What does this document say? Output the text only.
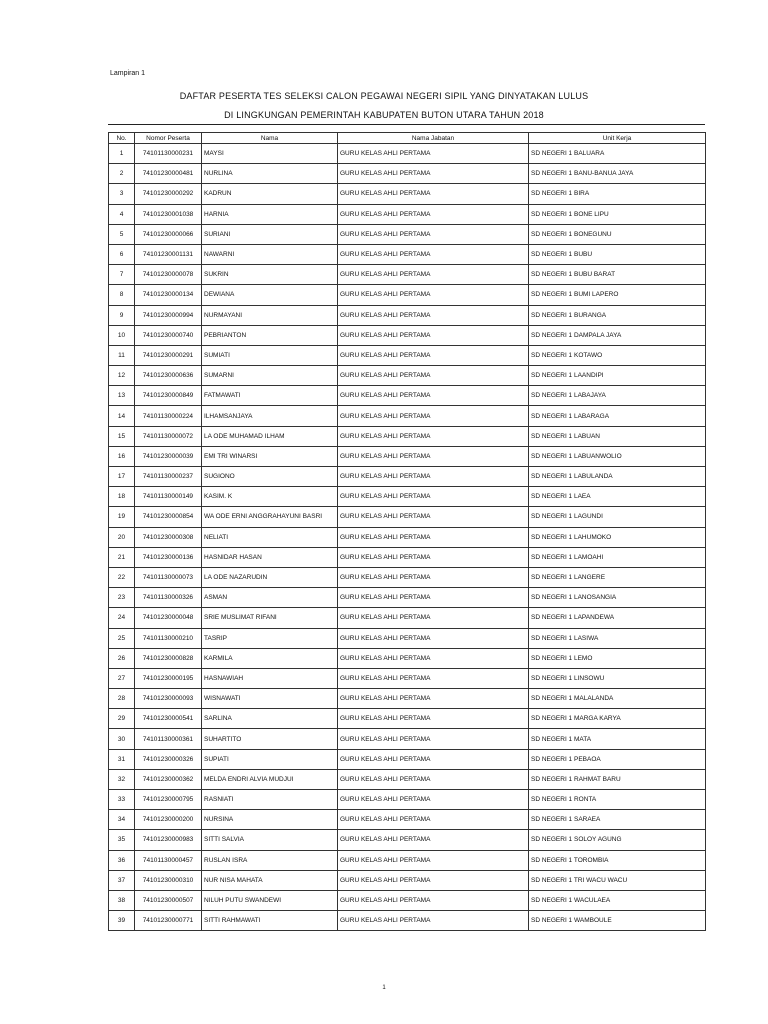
Lampiran 1
DAFTAR PESERTA TES SELEKSI CALON PEGAWAI NEGERI SIPIL YANG DINYATAKAN LULUS
DI LINGKUNGAN PEMERINTAH KABUPATEN BUTON UTARA TAHUN 2018
No.	Nomor Peserta	Nama	Nama Jabatan	Unit Kerja
1	74101130000231	MAYSI	GURU KELAS AHLI PERTAMA	SD NEGERI 1 BALUARA
2	74101230000481	NURLINA	GURU KELAS AHLI PERTAMA	SD NEGERI 1 BANU-BANUA JAYA
3	74101230000292	KADRUN	GURU KELAS AHLI PERTAMA	SD NEGERI 1 BIRA
4	74101230001038	HARNIA	GURU KELAS AHLI PERTAMA	SD NEGERI 1 BONE LIPU
5	74101230000066	SURIANI	GURU KELAS AHLI PERTAMA	SD NEGERI 1 BONEGUNU
6	74101230001131	NAWARNI	GURU KELAS AHLI PERTAMA	SD NEGERI 1 BUBU
7	74101230000078	SUKRIN	GURU KELAS AHLI PERTAMA	SD NEGERI 1 BUBU BARAT
8	74101230000134	DEWIANA	GURU KELAS AHLI PERTAMA	SD NEGERI 1 BUMI LAPERO
9	74101230000994	NURMAYANI	GURU KELAS AHLI PERTAMA	SD NEGERI 1 BURANGA
10	74101230000740	PEBRIANTON	GURU KELAS AHLI PERTAMA	SD NEGERI 1 DAMPALA JAYA
11	74101230000291	SUMIATI	GURU KELAS AHLI PERTAMA	SD NEGERI 1 KOTAWO
12	74101230000636	SUMARNI	GURU KELAS AHLI PERTAMA	SD NEGERI 1 LAANDIPI
13	74101230000849	FATMAWATI	GURU KELAS AHLI PERTAMA	SD NEGERI 1 LABAJAYA
14	74101130000224	ILHAMSANJAYA	GURU KELAS AHLI PERTAMA	SD NEGERI 1 LABARAGA
15	74101130000072	LA ODE MUHAMAD ILHAM	GURU KELAS AHLI PERTAMA	SD NEGERI 1 LABUAN
16	74101230000039	EMI TRI WINARSI	GURU KELAS AHLI PERTAMA	SD NEGERI 1 LABUANWOLIO
17	74101130000237	SUGIONO	GURU KELAS AHLI PERTAMA	SD NEGERI 1 LABULANDA
18	74101130000149	KASIM. K	GURU KELAS AHLI PERTAMA	SD NEGERI 1 LAEA
19	74101230000854	WA ODE ERNI ANGGRAHAYUNI BASRI	GURU KELAS AHLI PERTAMA	SD NEGERI 1 LAGUNDI
20	74101230000308	NELIATI	GURU KELAS AHLI PERTAMA	SD NEGERI 1 LAHUMOKO
21	74101230000136	HASNIDAR HASAN	GURU KELAS AHLI PERTAMA	SD NEGERI 1 LAMOAHI
22	74101130000073	LA ODE NAZARUDIN	GURU KELAS AHLI PERTAMA	SD NEGERI 1 LANGERE
23	74101130000326	ASMAN	GURU KELAS AHLI PERTAMA	SD NEGERI 1 LANOSANGIA
24	74101230000048	SRIE MUSLIMAT RIFANI	GURU KELAS AHLI PERTAMA	SD NEGERI 1 LAPANDEWA
25	74101130000210	TASRIP	GURU KELAS AHLI PERTAMA	SD NEGERI 1 LASIWA
26	74101230000828	KARMILA	GURU KELAS AHLI PERTAMA	SD NEGERI 1 LEMO
27	74101230000195	HASNAWIAH	GURU KELAS AHLI PERTAMA	SD NEGERI 1 LINSOWU
28	74101230000093	WISNAWATI	GURU KELAS AHLI PERTAMA	SD NEGERI 1 MALALANDA
29	74101230000541	SARLINA	GURU KELAS AHLI PERTAMA	SD NEGERI 1 MARGA KARYA
30	74101130000361	SUHARTITO	GURU KELAS AHLI PERTAMA	SD NEGERI 1 MATA
31	74101230000326	SUPIATI	GURU KELAS AHLI PERTAMA	SD NEGERI 1 PEBAOA
32	74101230000362	MELDA ENDRI ALVIA MUDJUI	GURU KELAS AHLI PERTAMA	SD NEGERI 1 RAHMAT BARU
33	74101230000795	RASNIATI	GURU KELAS AHLI PERTAMA	SD NEGERI 1 RONTA
34	74101230000200	NURSINA	GURU KELAS AHLI PERTAMA	SD NEGERI 1 SARAEA
35	74101230000983	SITTI SALVIA	GURU KELAS AHLI PERTAMA	SD NEGERI 1 SOLOY AGUNG
36	74101130000457	RUSLAN ISRA	GURU KELAS AHLI PERTAMA	SD NEGERI 1 TOROMBIA
37	74101230000310	NUR NISA MAHATA	GURU KELAS AHLI PERTAMA	SD NEGERI 1 TRI WACU WACU
38	74101230000507	NILUH PUTU SWANDEWI	GURU KELAS AHLI PERTAMA	SD NEGERI 1 WACULAEA
39	74101230000771	SITTI RAHMAWATI	GURU KELAS AHLI PERTAMA	SD NEGERI 1 WAMBOULE
1
